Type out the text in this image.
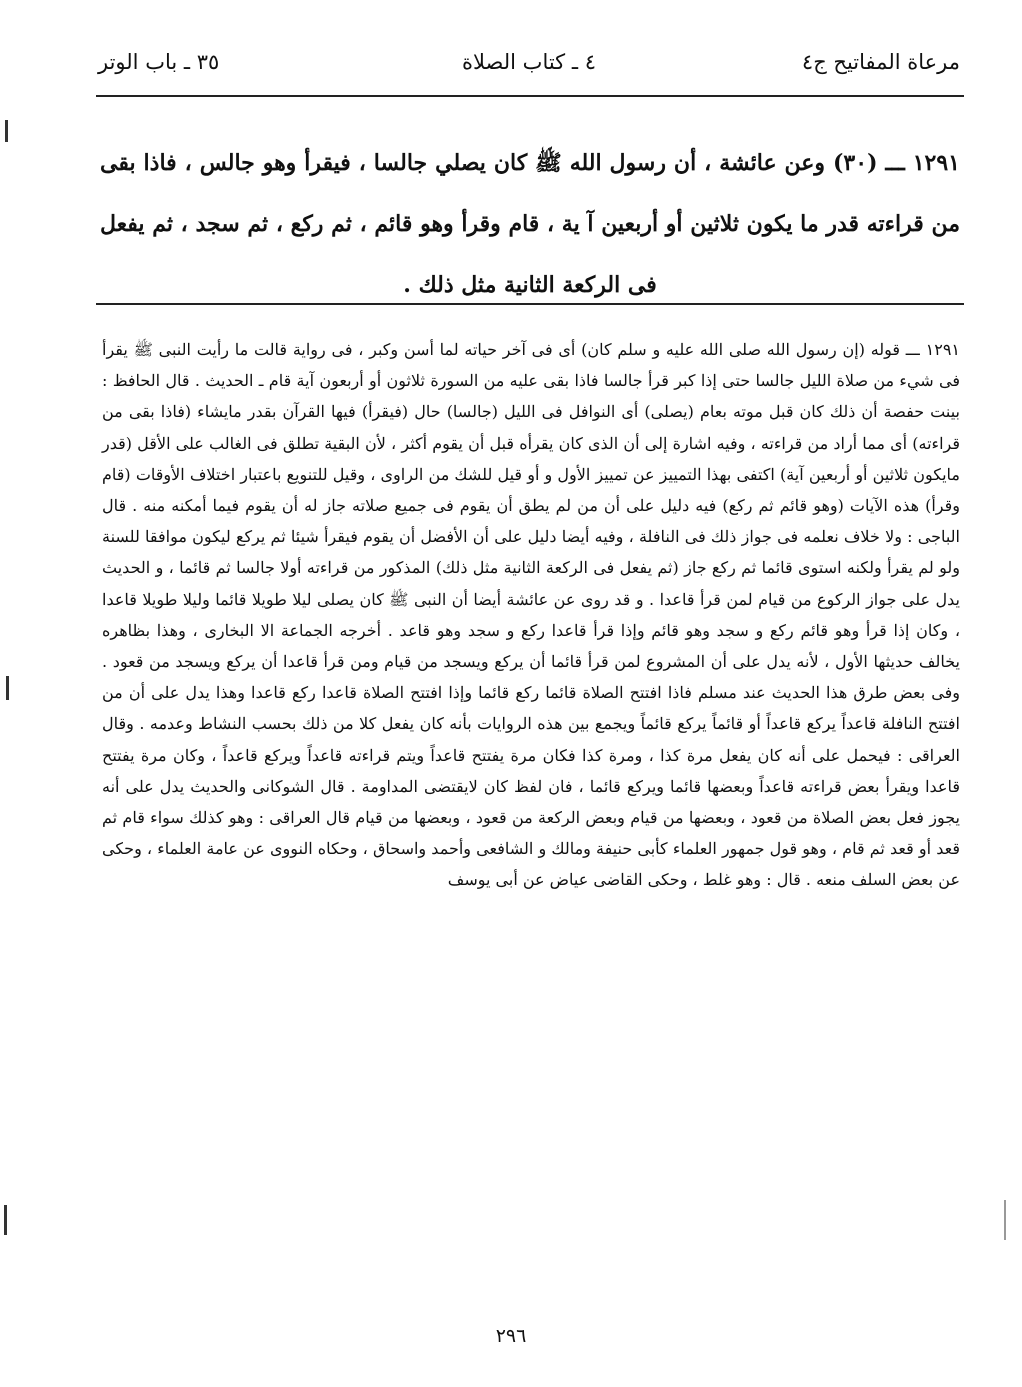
مرعاة المفاتيح ج٤
٤ ـ كتاب الصلاة
٣٥ ـ باب الوتر
١٢٩١ ـــ (٣٠) وعن عائشة ، أن رسول الله ﷺ كان يصلي جالسا ، فيقرأ وهو جالس ، فاذا بقى من قراءته قدر ما يكون ثلاثين أو أربعين آ ية ، قام وقرأ وهو قائم ، ثم ركع ، ثم سجد ، ثم يفعل فى الركعة الثانية مثل ذلك .

١٢٩١ ـــ قوله (إن رسول الله صلى الله عليه و سلم كان) أى فى آخر حياته لما أسن وكبر ، فى رواية قالت ما رأيت النبى ﷺ يقرأ فى شيء من صلاة الليل جالسا حتى إذا كبر قرأ جالسا فاذا بقى عليه من السورة ثلاثون أو أربعون آية قام ـ الحديث . قال الحافظ : بينت حفصة أن ذلك كان قبل موته بعام (يصلى) أى النوافل فى الليل (جالسا) حال (فيقرأ) فيها القرآن بقدر مايشاء (فاذا بقى من قراءته) أى مما أراد من قراءته ، وفيه اشارة إلى أن الذى كان يقرأه قبل أن يقوم أكثر ، لأن البقية تطلق فى الغالب على الأقل (قدر مايكون ثلاثين أو أربعين آية) اكتفى بهذا التمييز عن تمييز الأول و أو قيل للشك من الراوى ، وقيل للتنويع باعتبار اختلاف الأوقات (قام وقرأ) هذه الآيات (وهو قائم ثم ركع) فيه دليل على أن من لم يطق أن يقوم فى جميع صلاته جاز له أن يقوم فيما أمكنه منه . قال الباجى : ولا خلاف نعلمه فى جواز ذلك فى النافلة ، وفيه أيضا دليل على أن الأفضل أن يقوم فيقرأ شيئا ثم يركع ليكون موافقا للسنة ولو لم يقرأ ولكنه استوى قائما ثم ركع جاز (ثم يفعل فى الركعة الثانية مثل ذلك) المذكور من قراءته أولا جالسا ثم قائما ، و الحديث يدل على جواز الركوع من قيام لمن قرأ قاعدا . و قد روى عن عائشة أيضا أن النبى ﷺ كان يصلى ليلا طويلا قائما وليلا طويلا قاعدا ، وكان إذا قرأ وهو قائم ركع و سجد وهو قائم وإذا قرأ قاعدا ركع و سجد وهو قاعد . أخرجه الجماعة الا البخارى ، وهذا بظاهره يخالف حديثها الأول ، لأنه يدل على أن المشروع لمن قرأ قائما أن يركع ويسجد من قيام ومن قرأ قاعدا أن يركع ويسجد من قعود . وفى بعض طرق هذا الحديث عند مسلم فاذا افتتح الصلاة قائما ركع قائما وإذا افتتح الصلاة قاعدا ركع قاعدا وهذا يدل على أن من افتتح النافلة قاعداً يركع قاعداً أو قائماً يركع قائماً ويجمع بين هذه الروايات بأنه كان يفعل كلا من ذلك بحسب النشاط وعدمه . وقال العراقى : فيحمل على أنه كان يفعل مرة كذا ، ومرة كذا فكان مرة يفتتح قاعداً ويتم قراءته قاعداً ويركع قاعداً ، وكان مرة يفتتح قاعدا ويقرأ بعض قراءته قاعداً وبعضها قائما ويركع قائما ، فان لفظ كان لايقتضى المداومة . قال الشوكانى والحديث يدل على أنه يجوز فعل بعض الصلاة من قعود ، وبعضها من قيام وبعض الركعة من قعود ، وبعضها من قيام قال العراقى : وهو كذلك سواء قام ثم قعد أو قعد ثم قام ، وهو قول جمهور العلماء كأبى حنيفة ومالك و الشافعى وأحمد واسحاق ، وحكاه النووى عن عامة العلماء ، وحكى عن بعض السلف منعه . قال : وهو غلط ، وحكى القاضى عياض عن أبى يوسف

٢٩٦
